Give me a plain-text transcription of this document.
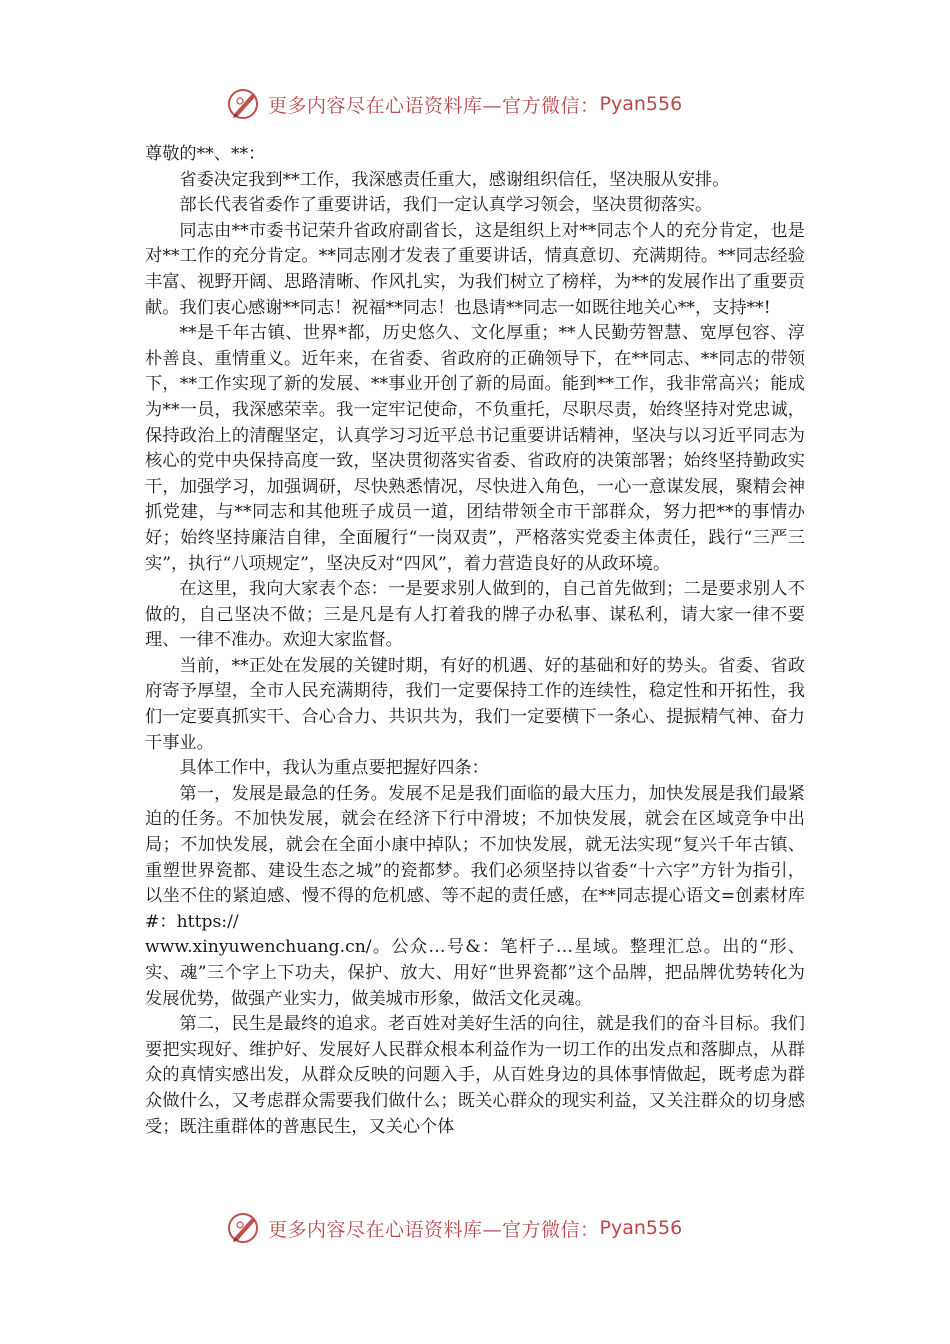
更多内容尽在心语资料库—官方微信： Pyan556

尊敬的**、**：

省委决定我到**工作，我深感责任重大，感谢组织信任，坚决服从安排。

部长代表省委作了重要讲话，我们一定认真学习领会，坚决贯彻落实。

同志由**市委书记荣升省政府副省长，这是组织上对**同志个人的充分肯定，也是对**工作的充分肯定。**同志刚才发表了重要讲话，情真意切、充满期待。**同志经验丰富、视野开阔、思路清晰、作风扎实，为我们树立了榜样，为**的发展作出了重要贡献。我们衷心感谢**同志！祝福**同志！也恳请**同志一如既往地关心**，支持**!

**是千年古镇、世界*都，历史悠久、文化厚重；**人民勤劳智慧、宽厚包容、淳朴善良、重情重义。近年来，在省委、省政府的正确领导下，在**同志、**同志的带领下，**工作实现了新的发展、**事业开创了新的局面。能到**工作，我非常高兴；能成为**一员，我深感荣幸。我一定牢记使命，不负重托，尽职尽责，始终坚持对党忠诚，保持政治上的清醒坚定，认真学习习近平总书记重要讲话精神，坚决与以习近平同志为核心的党中央保持高度一致，坚决贯彻落实省委、省政府的决策部署；始终坚持勤政实干，加强学习，加强调研，尽快熟悉情况，尽快进入角色，一心一意谋发展，聚精会神抓党建，与**同志和其他班子成员一道，团结带领全市干部群众，努力把**的事情办好；始终坚持廉洁自律，全面履行“一岗双责”，严格落实党委主体责任，践行“三严三实”，执行“八项规定”，坚决反对“四风”，着力营造良好的从政环境。

在这里，我向大家表个态：一是要求别人做到的，自己首先做到；二是要求别人不做的，自己坚决不做；三是凡是有人打着我的牌子办私事、谋私利，请大家一律不要理、一律不准办。欢迎大家监督。

当前，**正处在发展的关键时期，有好的机遇、好的基础和好的势头。省委、省政府寄予厚望，全市人民充满期待，我们一定要保持工作的连续性，稳定性和开拓性，我们一定要真抓实干、合心合力、共识共为，我们一定要横下一条心、提振精气神、奋力干事业。

具体工作中，我认为重点要把握好四条：

第一，发展是最急的任务。发展不足是我们面临的最大压力，加快发展是我们最紧迫的任务。不加快发展，就会在经济下行中滑坡；不加快发展，就会在区域竞争中出局；不加快发展，就会在全面小康中掉队；不加快发展，就无法实现“复兴千年古镇、重塑世界瓷都、建设生态之城”的瓷都梦。我们必须坚持以省委“十六字”方针为指引，以坐不住的紧迫感、慢不得的危机感、等不起的责任感，在**同志提心语文=创素材库#：https://

www.xinyuwenchuang.cn/。公众…号&：笔杆子…星域。整理汇总。出的“形、实、魂”三个字上下功夫，保护、放大、用好“世界瓷都”这个品牌，把品牌优势转化为发展优势，做强产业实力，做美城市形象，做活文化灵魂。

第二，民生是最终的追求。老百姓对美好生活的向往，就是我们的奋斗目标。我们要把实现好、维护好、发展好人民群众根本利益作为一切工作的出发点和落脚点，从群众的真情实感出发，从群众反映的问题入手，从百姓身边的具体事情做起，既考虑为群众做什么，又考虑群众需要我们做什么；既关心群众的现实利益，又关注群众的切身感受；既注重群体的普惠民生，又关心个体

更多内容尽在心语资料库—官方微信： Pyan556
